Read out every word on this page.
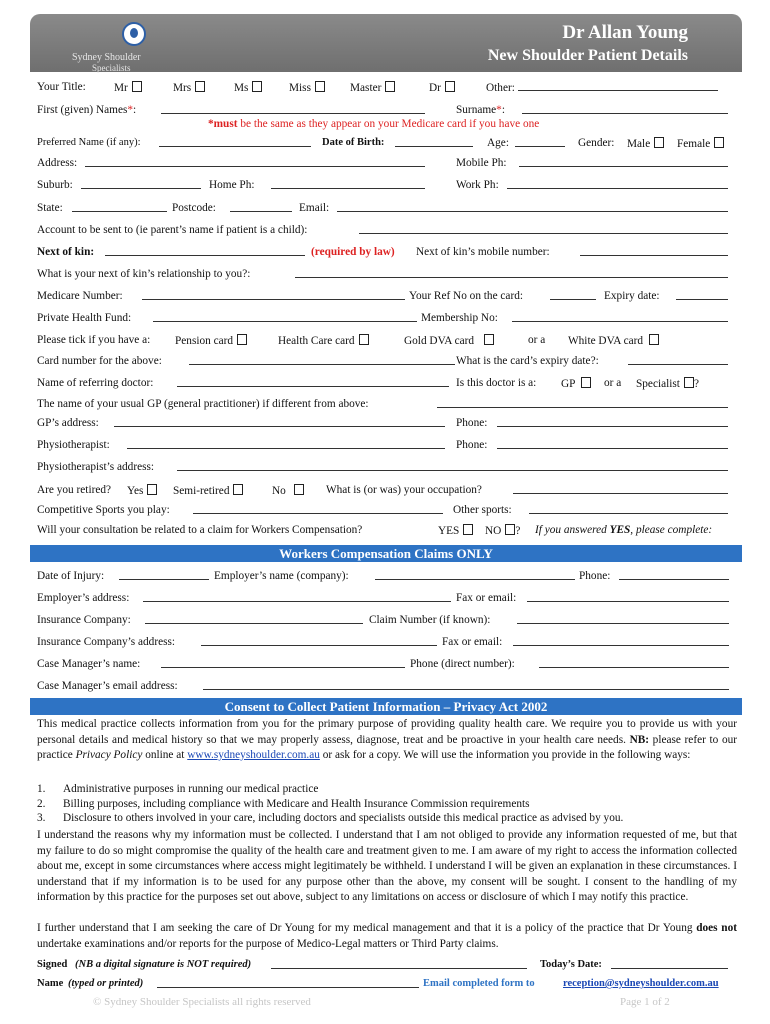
Sydney Shoulder
Specialists
Dr Allan Young
New Shoulder Patient Details
Your Title: Mr	Mrs	Ms	Miss	Master	Dr	Other:
First (given) Names*:	Surname*:
*must be the same as they appear on your Medicare card if you have one
Preferred Name (if any):	Date of Birth:	Age:	Gender: Male	Female
Address:	Mobile Ph:
Suburb:	Home Ph:	Work Ph:
State:	Postcode:	Email:
Account to be sent to (ie parent’s name if patient is a child):
Next of kin:	(required by law) Next of kin’s mobile number:
What is your next of kin’s relationship to you?:
Medicare Number:	Your Ref No on the card:	Expiry date:
Private Health Fund:	Membership No:
Please tick if you have a: Pension card	Health Care card	Gold DVA card	or a White DVA card
Card number for the above:	What is the card’s expiry date?:
Name of referring doctor:	Is this doctor is a: GP	or a Specialist ?
The name of your usual GP (general practitioner) if different from above:
GP’s address:	Phone:
Physiotherapist:	Phone:
Physiotherapist’s address:
Are you retired? Yes	Semi-retired	No	What is (or was) your occupation?
Competitive Sports you play:	Other sports:
Will your consultation be related to a claim for Workers Compensation?	YES	NO ? If you answered YES, please complete:
Workers Compensation Claims ONLY
Date of Injury:	Employer’s name (company):	Phone:
Employer’s address:	Fax or email:
Insurance Company:	Claim Number (if known):
Insurance Company’s address:	Fax or email:
Case Manager’s name:	Phone (direct number):
Case Manager’s email address:
Consent to Collect Patient Information – Privacy Act 2002
This medical practice collects information from you for the primary purpose of providing quality health care. We require you to provide us with your personal details and medical history so that we may properly assess, diagnose, treat and be proactive in your health care needs. NB: please refer to our practice Privacy Policy online at www.sydneyshoulder.com.au or ask for a copy. We will use the information you provide in the following ways:
1. Administrative purposes in running our medical practice
2. Billing purposes, including compliance with Medicare and Health Insurance Commission requirements
3. Disclosure to others involved in your care, including doctors and specialists outside this medical practice as advised by you.
I understand the reasons why my information must be collected. I understand that I am not obliged to provide any information requested of me, but that my failure to do so might compromise the quality of the health care and treatment given to me. I am aware of my right to access the information collected about me, except in some circumstances where access might legitimately be withheld. I understand I will be given an explanation in these circumstances. I understand that if my information is to be used for any purpose other than the above, my consent will be sought. I consent to the handling of my information by this practice for the purposes set out above, subject to any limitations on access or disclosure of which I may notify this practice.
I further understand that I am seeking the care of Dr Young for my medical management and that it is a policy of the practice that Dr Young does not undertake examinations and/or reports for the purpose of Medico-Legal matters or Third Party claims.
Signed (NB a digital signature is NOT required)	Today’s Date:
Name (typed or printed)	Email completed form to	reception@sydneyshoulder.com.au
© Sydney Shoulder Specialists all rights reserved	Page 1 of 2
